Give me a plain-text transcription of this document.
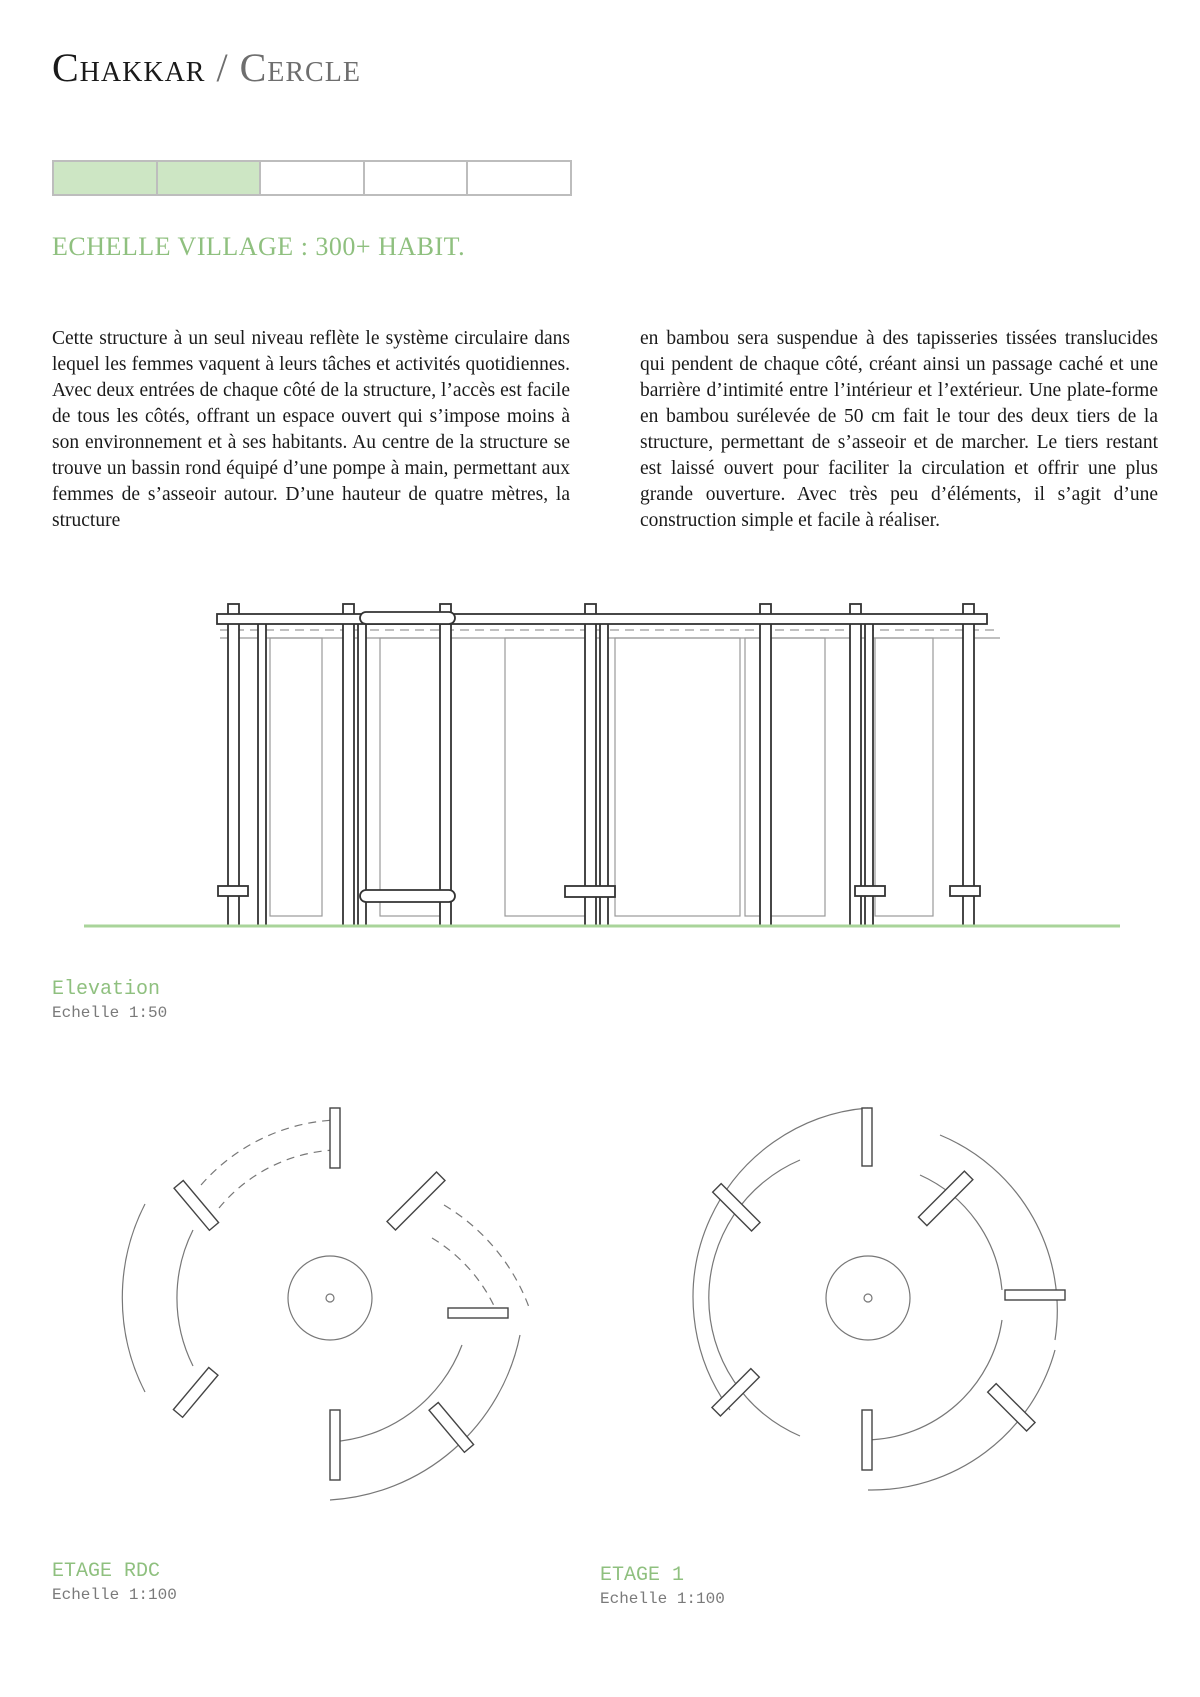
Chakkar / Cercle
ECHELLE VILLAGE : 300+ HABIT.

Cette structure à un seul niveau reflète le système circulaire dans lequel les femmes vaquent à leurs tâches et activités quotidiennes. Avec deux entrées de chaque côté de la structure, l’accès est facile de tous les côtés, offrant un espace ouvert qui s’impose moins à son environnement et à ses habitants. Au centre de la structure se trouve un bassin rond équipé d’une pompe à main, permettant aux femmes de s’asseoir autour. D’une hauteur de quatre mètres, la structure

en bambou sera suspendue à des tapisseries tissées translucides qui pendent de chaque côté, créant ainsi un passage caché et une barrière d’intimité entre l’intérieur et l’extérieur. Une plate-forme en bambou surélevée de 50 cm fait le tour des deux tiers de la structure, permettant de s’asseoir et de marcher. Le tiers restant est laissé ouvert pour faciliter la circulation et offrir une plus grande ouverture. Avec très peu d’éléments, il s’agit d’une construction simple et facile à réaliser.

Elevation
Echelle 1:50
ETAGE RDC
Echelle 1:100
ETAGE 1
Echelle 1:100
